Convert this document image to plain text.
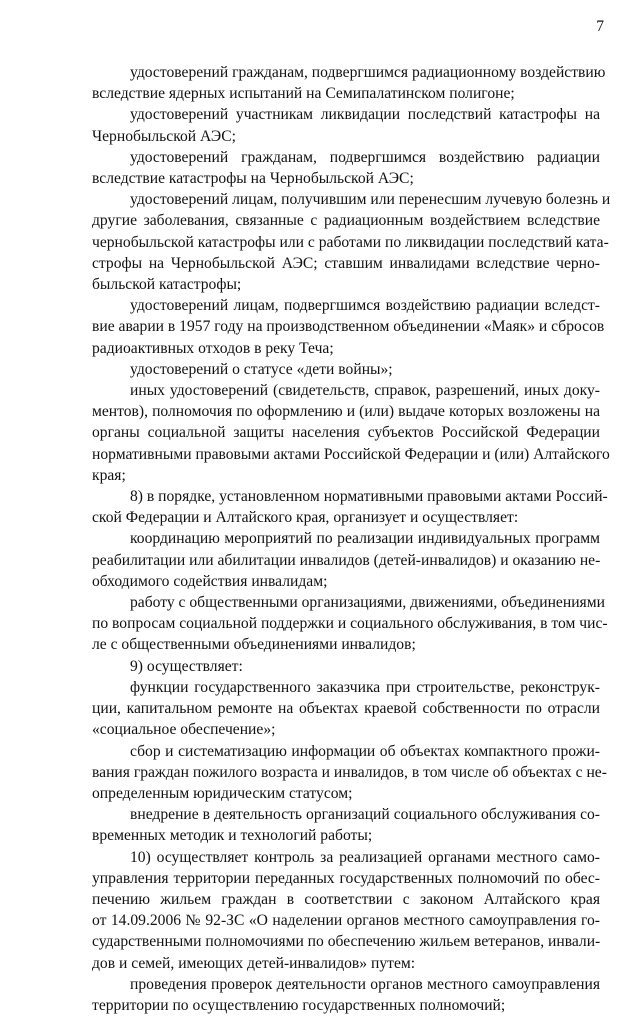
7
удостоверений гражданам, подвергшимся радиационному воздействию
вследствие ядерных испытаний на Семипалатинском полигоне;
удостоверений участникам ликвидации последствий катастрофы на
Чернобыльской АЭС;
удостоверений гражданам, подвергшимся воздействию радиации
вследствие катастрофы на Чернобыльской АЭС;
удостоверений лицам, получившим или перенесшим лучевую болезнь и
другие заболевания, связанные с радиационным воздействием вследствие
чернобыльской катастрофы или с работами по ликвидации последствий ката-
строфы на Чернобыльской АЭС; ставшим инвалидами вследствие черно-
быльской катастрофы;
удостоверений лицам, подвергшимся воздействию радиации вследст-
вие аварии в 1957 году на производственном объединении «Маяк» и сбросов
радиоактивных отходов в реку Теча;
удостоверений о статусе «дети войны»;
иных удостоверений (свидетельств, справок, разрешений, иных доку-
ментов), полномочия по оформлению и (или) выдаче которых возложены на
органы социальной защиты населения субъектов Российской Федерации
нормативными правовыми актами Российской Федерации и (или) Алтайского
края;
8) в порядке, установленном нормативными правовыми актами Россий-
ской Федерации и Алтайского края, организует и осуществляет:
координацию мероприятий по реализации индивидуальных программ
реабилитации или абилитации инвалидов (детей-инвалидов) и оказанию не-
обходимого содействия инвалидам;
работу с общественными организациями, движениями, объединениями
по вопросам социальной поддержки и социального обслуживания, в том чис-
ле с общественными объединениями инвалидов;
9) осуществляет:
функции государственного заказчика при строительстве, реконструк-
ции, капитальном ремонте на объектах краевой собственности по отрасли
«социальное обеспечение»;
сбор и систематизацию информации об объектах компактного прожи-
вания граждан пожилого возраста и инвалидов, в том числе об объектах с не-
определенным юридическим статусом;
внедрение в деятельность организаций социального обслуживания со-
временных методик и технологий работы;
10) осуществляет контроль за реализацией органами местного само-
управления территории переданных государственных полномочий по обес-
печению жильем граждан в соответствии с законом Алтайского края
от 14.09.2006 № 92-ЗС «О наделении органов местного самоуправления го-
сударственными полномочиями по обеспечению жильем ветеранов, инвали-
дов и семей, имеющих детей-инвалидов» путем:
проведения проверок деятельности органов местного самоуправления
территории по осуществлению государственных полномочий;
